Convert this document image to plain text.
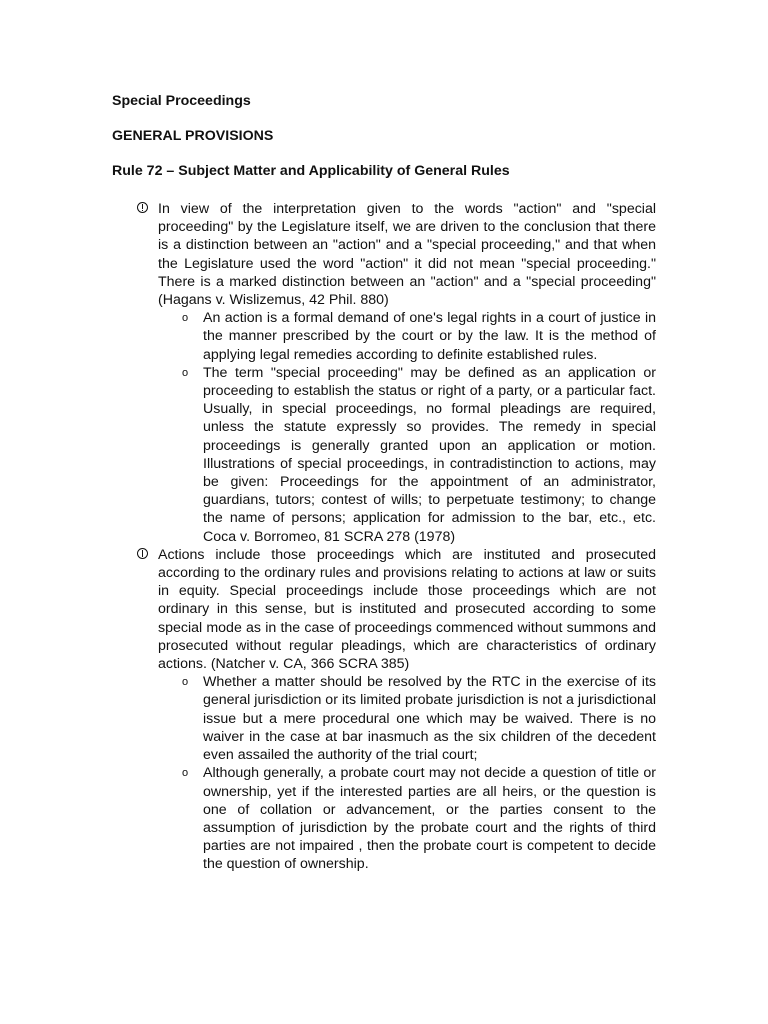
Special Proceedings

GENERAL PROVISIONS

Rule 72 – Subject Matter and Applicability of General Rules

In view of the interpretation given to the words "action" and "special proceeding" by the Legislature itself, we are driven to the conclusion that there is a distinction between an "action" and a "special proceeding," and that when the Legislature used the word "action" it did not mean "special proceeding." There is a marked distinction between an "action" and a "special proceeding" (Hagans v. Wislizemus, 42 Phil. 880)
o An action is a formal demand of one's legal rights in a court of justice in the manner prescribed by the court or by the law. It is the method of applying legal remedies according to definite established rules.
o The term "special proceeding" may be defined as an application or proceeding to establish the status or right of a party, or a particular fact. Usually, in special proceedings, no formal pleadings are required, unless the statute expressly so provides. The remedy in special proceedings is generally granted upon an application or motion. Illustrations of special proceedings, in contradistinction to actions, may be given: Proceedings for the appointment of an administrator, guardians, tutors; contest of wills; to perpetuate testimony; to change the name of persons; application for admission to the bar, etc., etc. Coca v. Borromeo, 81 SCRA 278 (1978)
Actions include those proceedings which are instituted and prosecuted according to the ordinary rules and provisions relating to actions at law or suits in equity. Special proceedings include those proceedings which are not ordinary in this sense, but is instituted and prosecuted according to some special mode as in the case of proceedings commenced without summons and prosecuted without regular pleadings, which are characteristics of ordinary actions. (Natcher v. CA, 366 SCRA 385)
o Whether a matter should be resolved by the RTC in the exercise of its general jurisdiction or its limited probate jurisdiction is not a jurisdictional issue but a mere procedural one which may be waived. There is no waiver in the case at bar inasmuch as the six children of the decedent even assailed the authority of the trial court;
o Although generally, a probate court may not decide a question of title or ownership, yet if the interested parties are all heirs, or the question is one of collation or advancement, or the parties consent to the assumption of jurisdiction by the probate court and the rights of third parties are not impaired , then the probate court is competent to decide the question of ownership.
